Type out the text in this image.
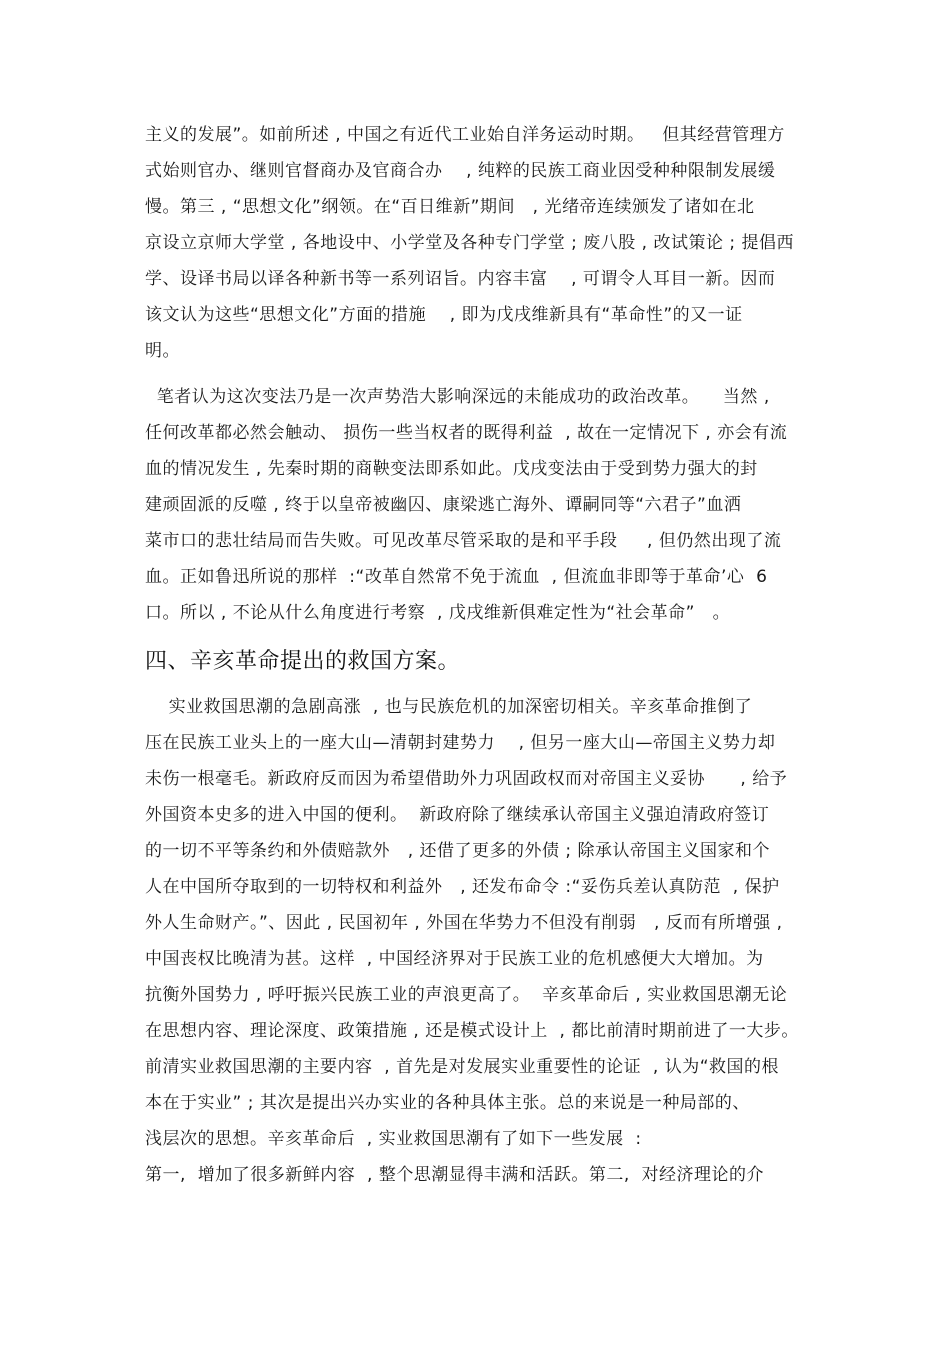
主义的发展”。如前所述 , 中国之有近代工业始自洋务运动时期。   但其经营管理方
式始则官办、继则官督商办及官商合办    , 纯粹的民族工商业因受种种限制发展缓
慢。第三 , “思想文化”纲领。在“百日维新”期间   , 光绪帝连续颁发了诸如在北
京设立京师大学堂 , 各地设中、小学堂及各种专门学堂 ; 废八股 , 改试策论 ; 提倡西
学、设译书局以译各种新书等一系列诏旨。内容丰富    , 可谓令人耳目一新。因而
该文认为这些“思想文化”方面的措施    , 即为戊戌维新具有“革命性”的又一证
明。
笔者认为这次变法乃是一次声势浩大影响深远的未能成功的政治改革。    当然 ,
任何改革都必然会触动、 损伤一些当权者的既得利益  , 故在一定情况下 , 亦会有流
血的情况发生 , 先秦时期的商鞅变法即系如此。戊戌变法由于受到势力强大的封
建顽固派的反噬 , 终于以皇帝被幽囚、康梁逃亡海外、谭嗣同等“六君子”血洒
菜市口的悲壮结局而告失败。可见改革尽管采取的是和平手段     , 但仍然出现了流
血。正如鲁迅所说的那样  :“改革自然常不免于流血  , 但流血非即等于革命’心  6
口。所以 , 不论从什么角度进行考察  , 戊戌维新俱难定性为“社会革命”   。
四、辛亥革命提出的救国方案。
实业救国思潮的急剧高涨  , 也与民族危机的加深密切相关。辛亥革命推倒了
压在民族工业头上的一座大山—清朝封建势力    , 但另一座大山—帝国主义势力却
未伤一根毫毛。新政府反而因为希望借助外力巩固政权而对帝国主义妥协      , 给予
外国资本史多的进入中国的便利。  新政府除了继续承认帝国主义强迫清政府签订
的一切不平等条约和外债赔款外   , 还借了更多的外债 ; 除承认帝国主义国家和个
人在中国所夺取到的一切特权和利益外   , 还发布命令 :“妥伤兵差认真防范  , 保护
外人生命财产。”、因此 , 民国初年 , 外国在华势力不但没有削弱   , 反而有所增强 ,
中国丧权比晚清为甚。这样  , 中国经济界对于民族工业的危机感便大大增加。为
抗衡外国势力 , 呼吁振兴民族工业的声浪更高了。  辛亥革命后 , 实业救国思潮无论
在思想内容、理论深度、政策措施 , 还是模式设计上  , 都比前清时期前进了一大步。
前清实业救国思潮的主要内容  , 首先是对发展实业重要性的论证  , 认为“救国的根
本在于实业” ; 其次是提出兴办实业的各种具体主张。总的来说是一种局部的、
浅层次的思想。辛亥革命后  , 实业救国思潮有了如下一些发展  :
第一,  增加了很多新鲜内容  , 整个思潮显得丰满和活跃。第二,  对经济理论的介
